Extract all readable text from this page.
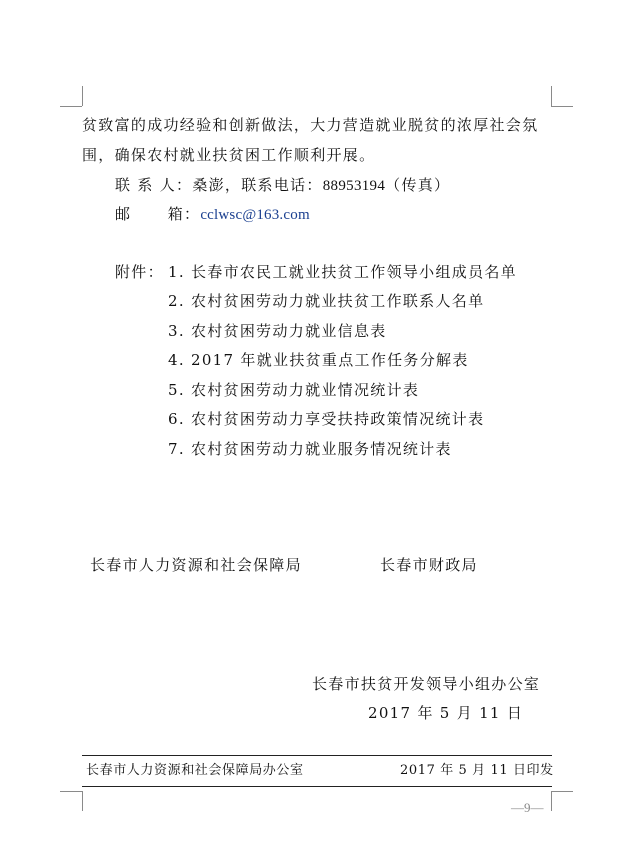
贫致富的成功经验和创新做法，大力营造就业脱贫的浓厚社会氛
围，确保农村就业扶贫困工作顺利开展。
联 系 人：桑澎，联系电话：88953194（传真）
邮      箱：cclwsc@163.com
附件： 1. 长春市农民工就业扶贫工作领导小组成员名单
2. 农村贫困劳动力就业扶贫工作联系人名单
3. 农村贫困劳动力就业信息表
4. 2017 年就业扶贫重点工作任务分解表
5. 农村贫困劳动力就业情况统计表
6. 农村贫困劳动力享受扶持政策情况统计表
7. 农村贫困劳动力就业服务情况统计表
长春市人力资源和社会保障局	长春市财政局
长春市扶贫开发领导小组办公室
2017 年 5 月 11 日
长春市人力资源和社会保障局办公室	2017 年 5 月 11 日印发
—9—
